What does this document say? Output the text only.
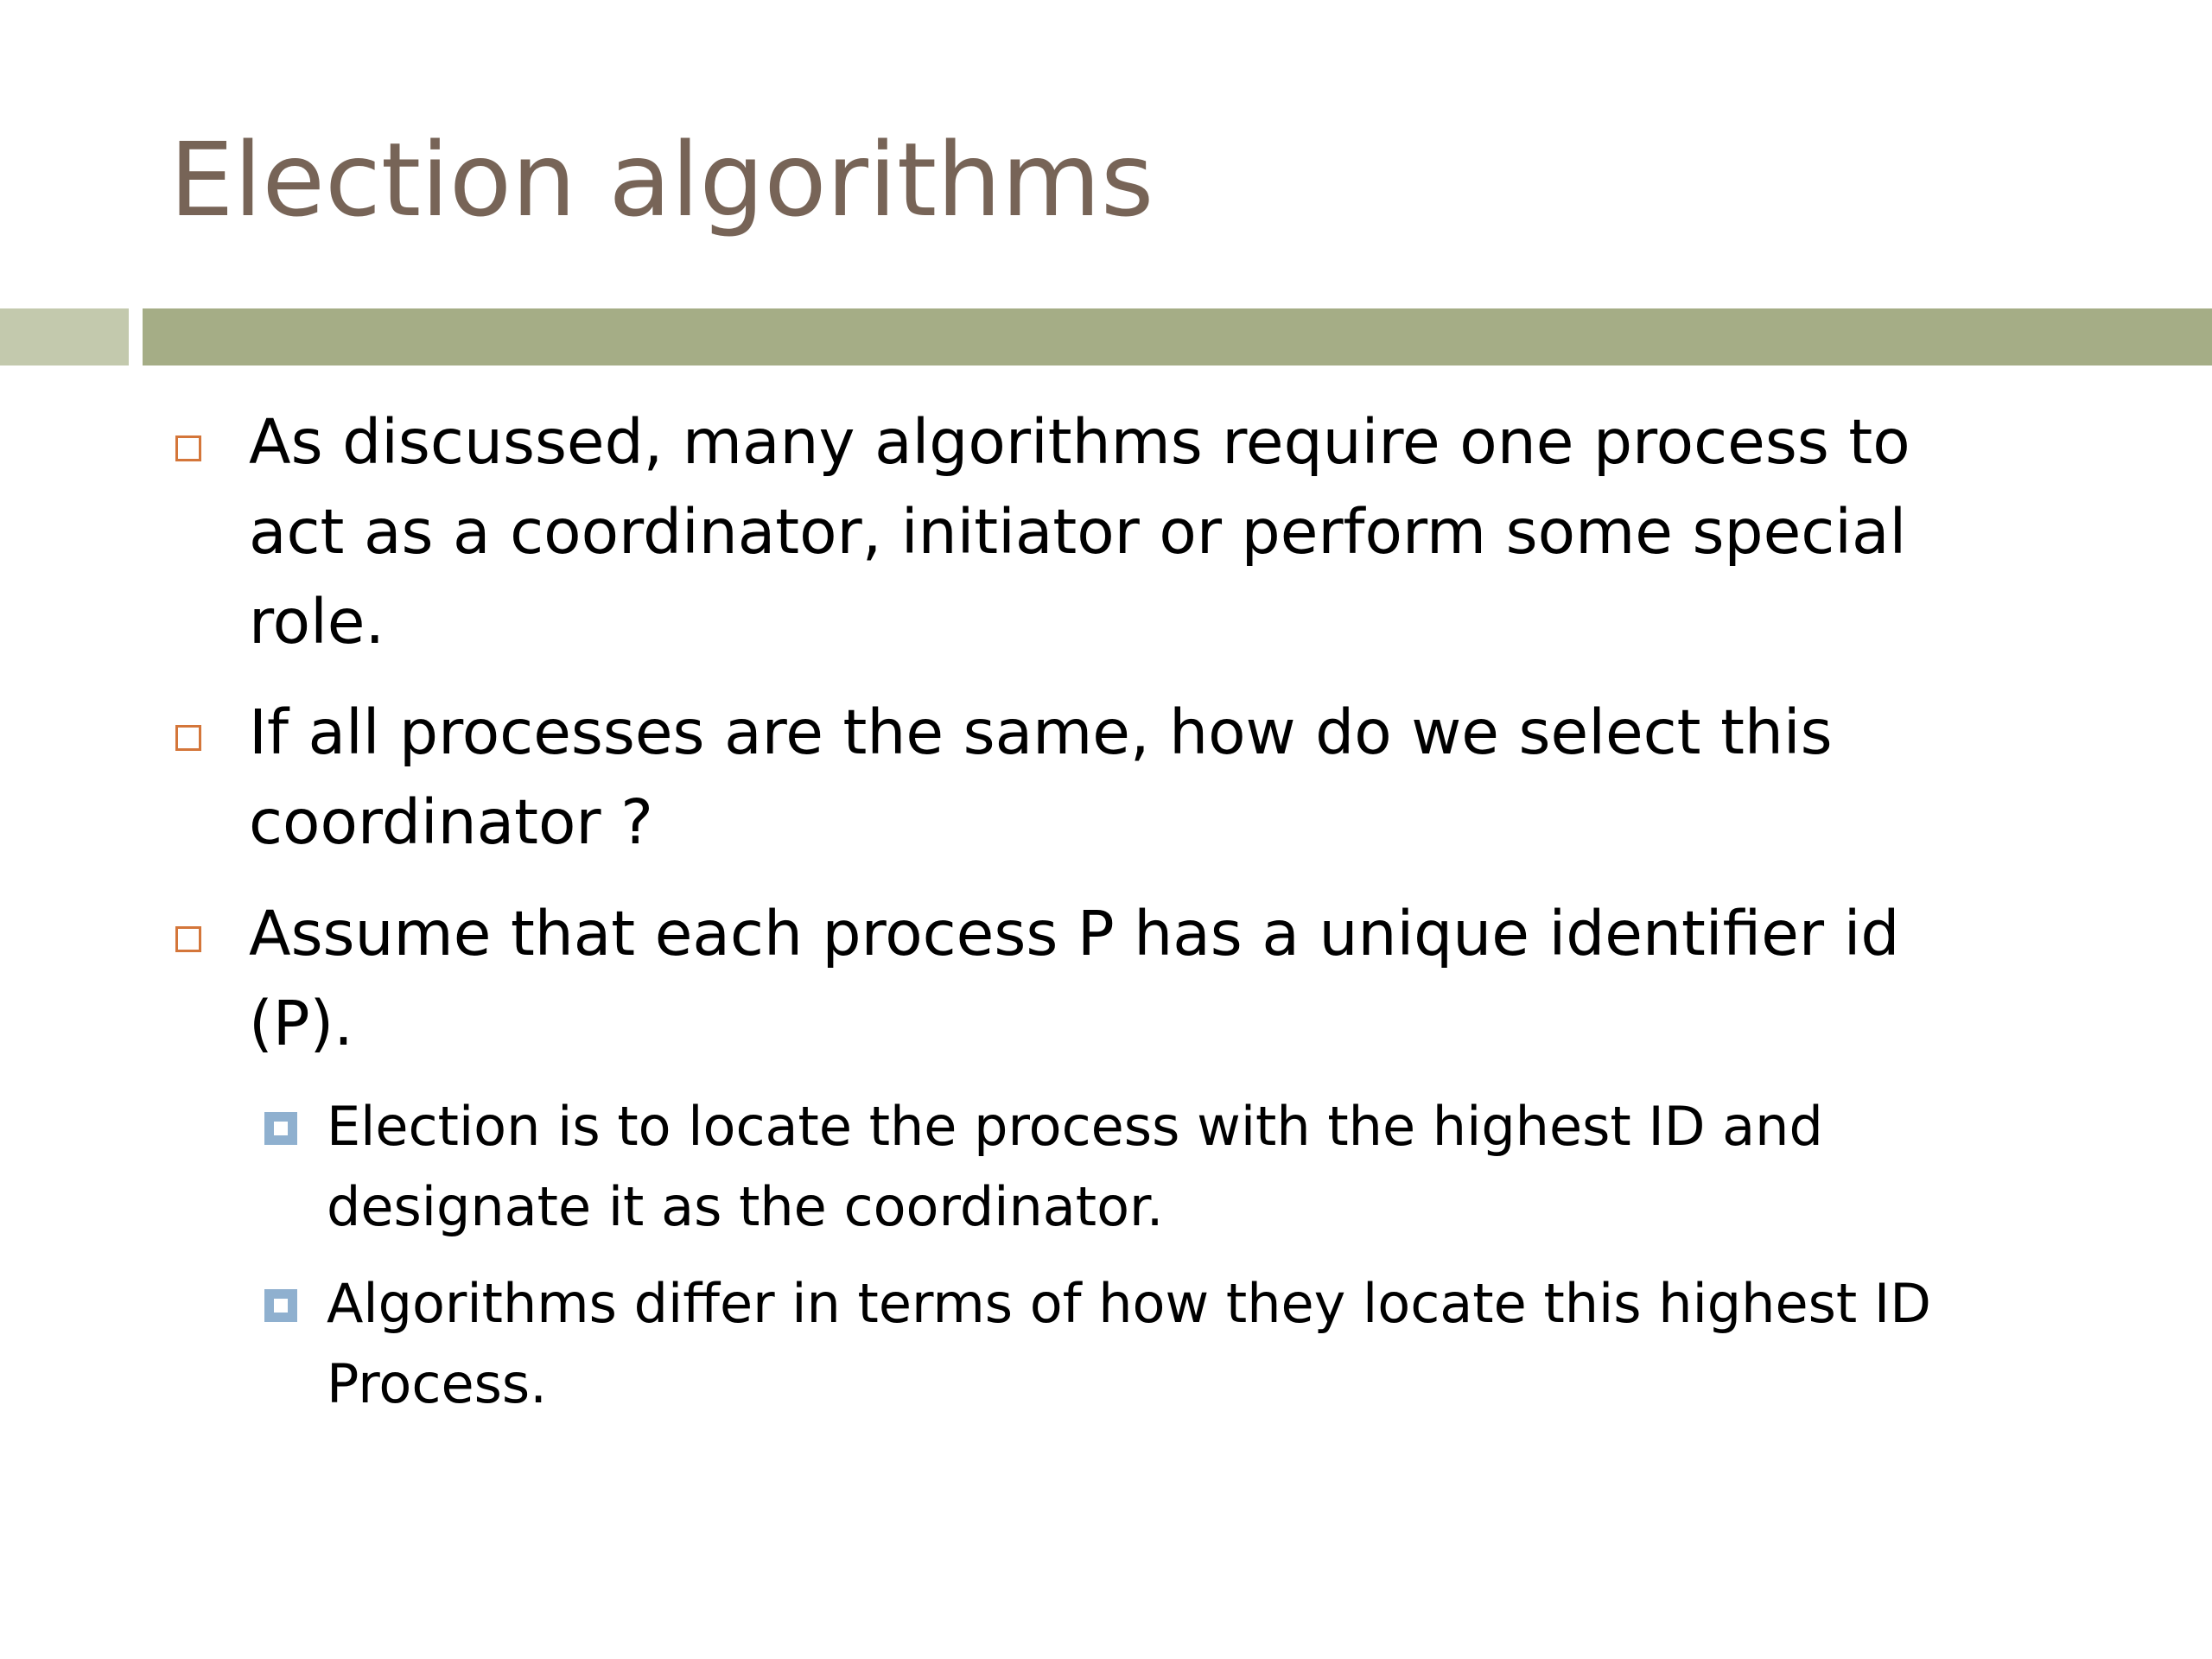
Election algorithms
As discussed, many algorithms require one process to
act as a coordinator, initiator or perform some special
role.
If all processes are the same, how do we select this
coordinator ?
Assume that each process P has a unique identifier id
(P).
Election is to locate the process with the highest ID and
designate it as the coordinator.
Algorithms differ in terms of how they locate this highest ID
Process.
